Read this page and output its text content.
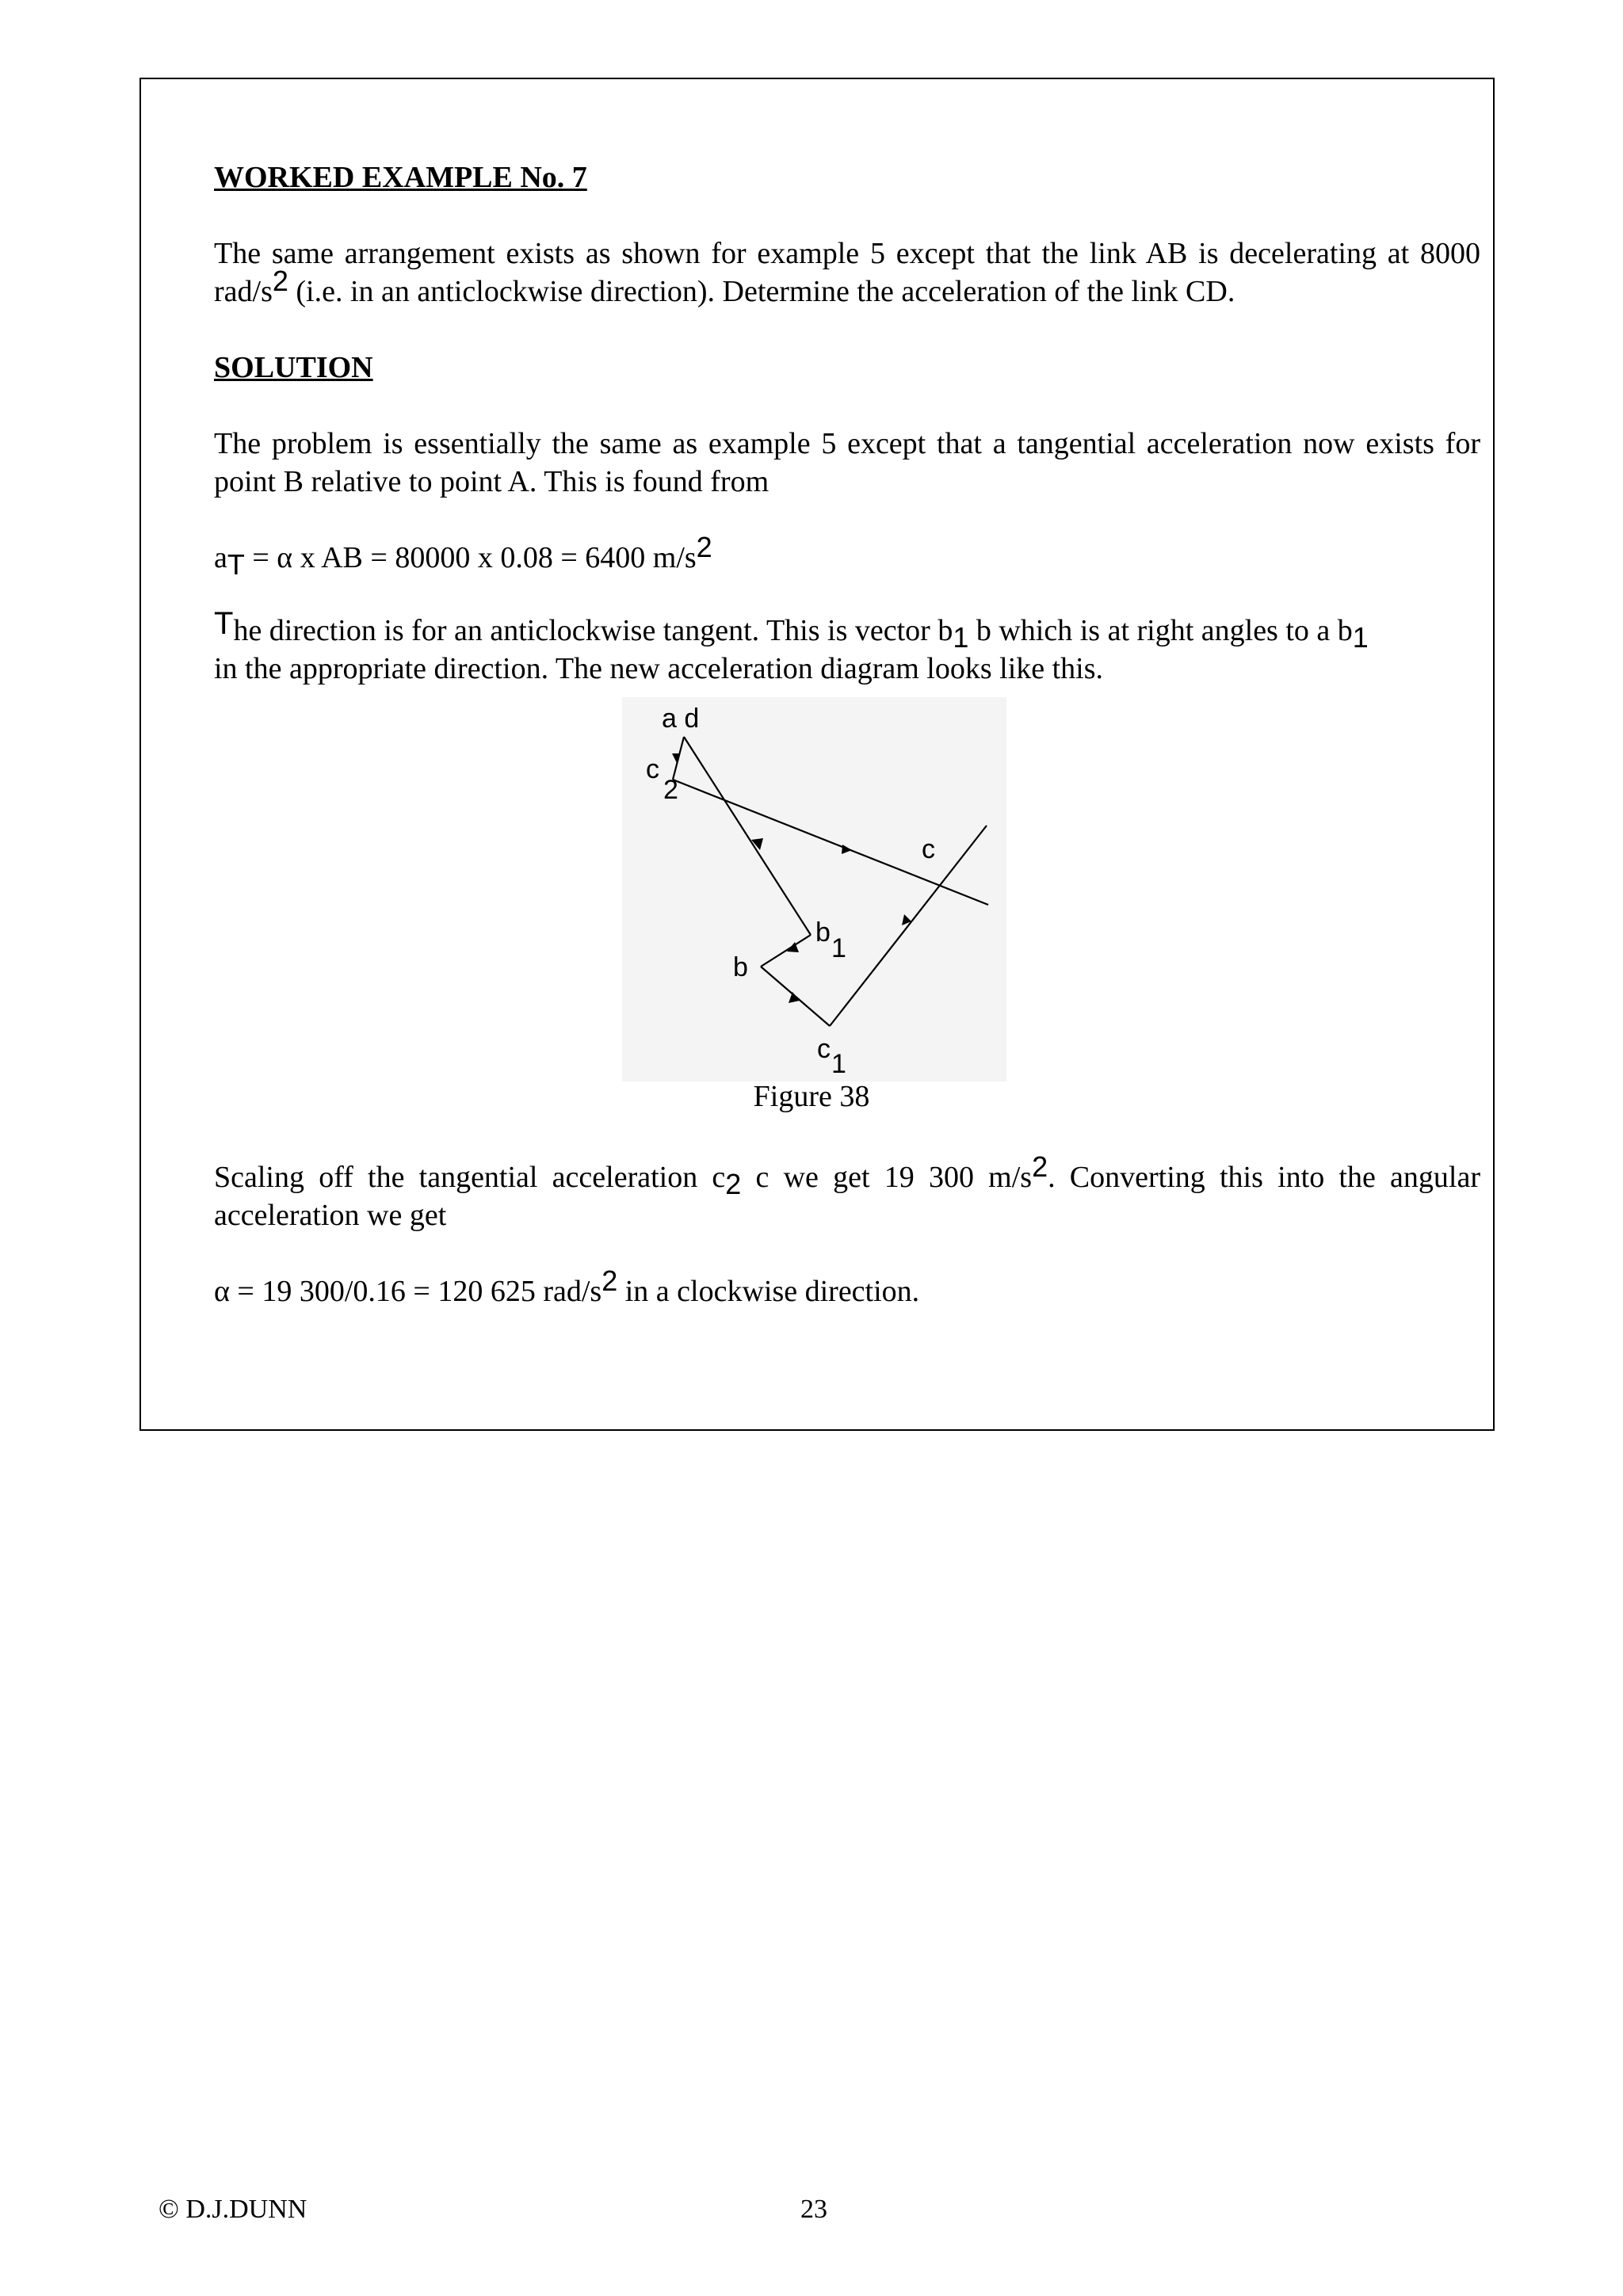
WORKED EXAMPLE No. 7

The same arrangement exists as shown for example 5 except that the link AB is decelerating at 8000 rad/s2 (i.e. in an anticlockwise direction). Determine the acceleration of the link CD.

SOLUTION

The problem is essentially the same as example 5 except that a tangential acceleration now exists for point B relative to point A. This is found from

aT = α x AB = 80000 x 0.08 = 6400 m/s2

The direction is for an anticlockwise tangent. This is vector b1 b which is at right angles to a b1
in the appropriate direction. The new acceleration diagram looks like this.

a d
c
2
c
b
1
b
c 1
Figure 38

Scaling off the tangential acceleration c2 c we get 19 300 m/s2. Converting this into the angular acceleration we get

α = 19 300/0.16 = 120 625 rad/s2 in a clockwise direction.

© D.J.DUNN	23
